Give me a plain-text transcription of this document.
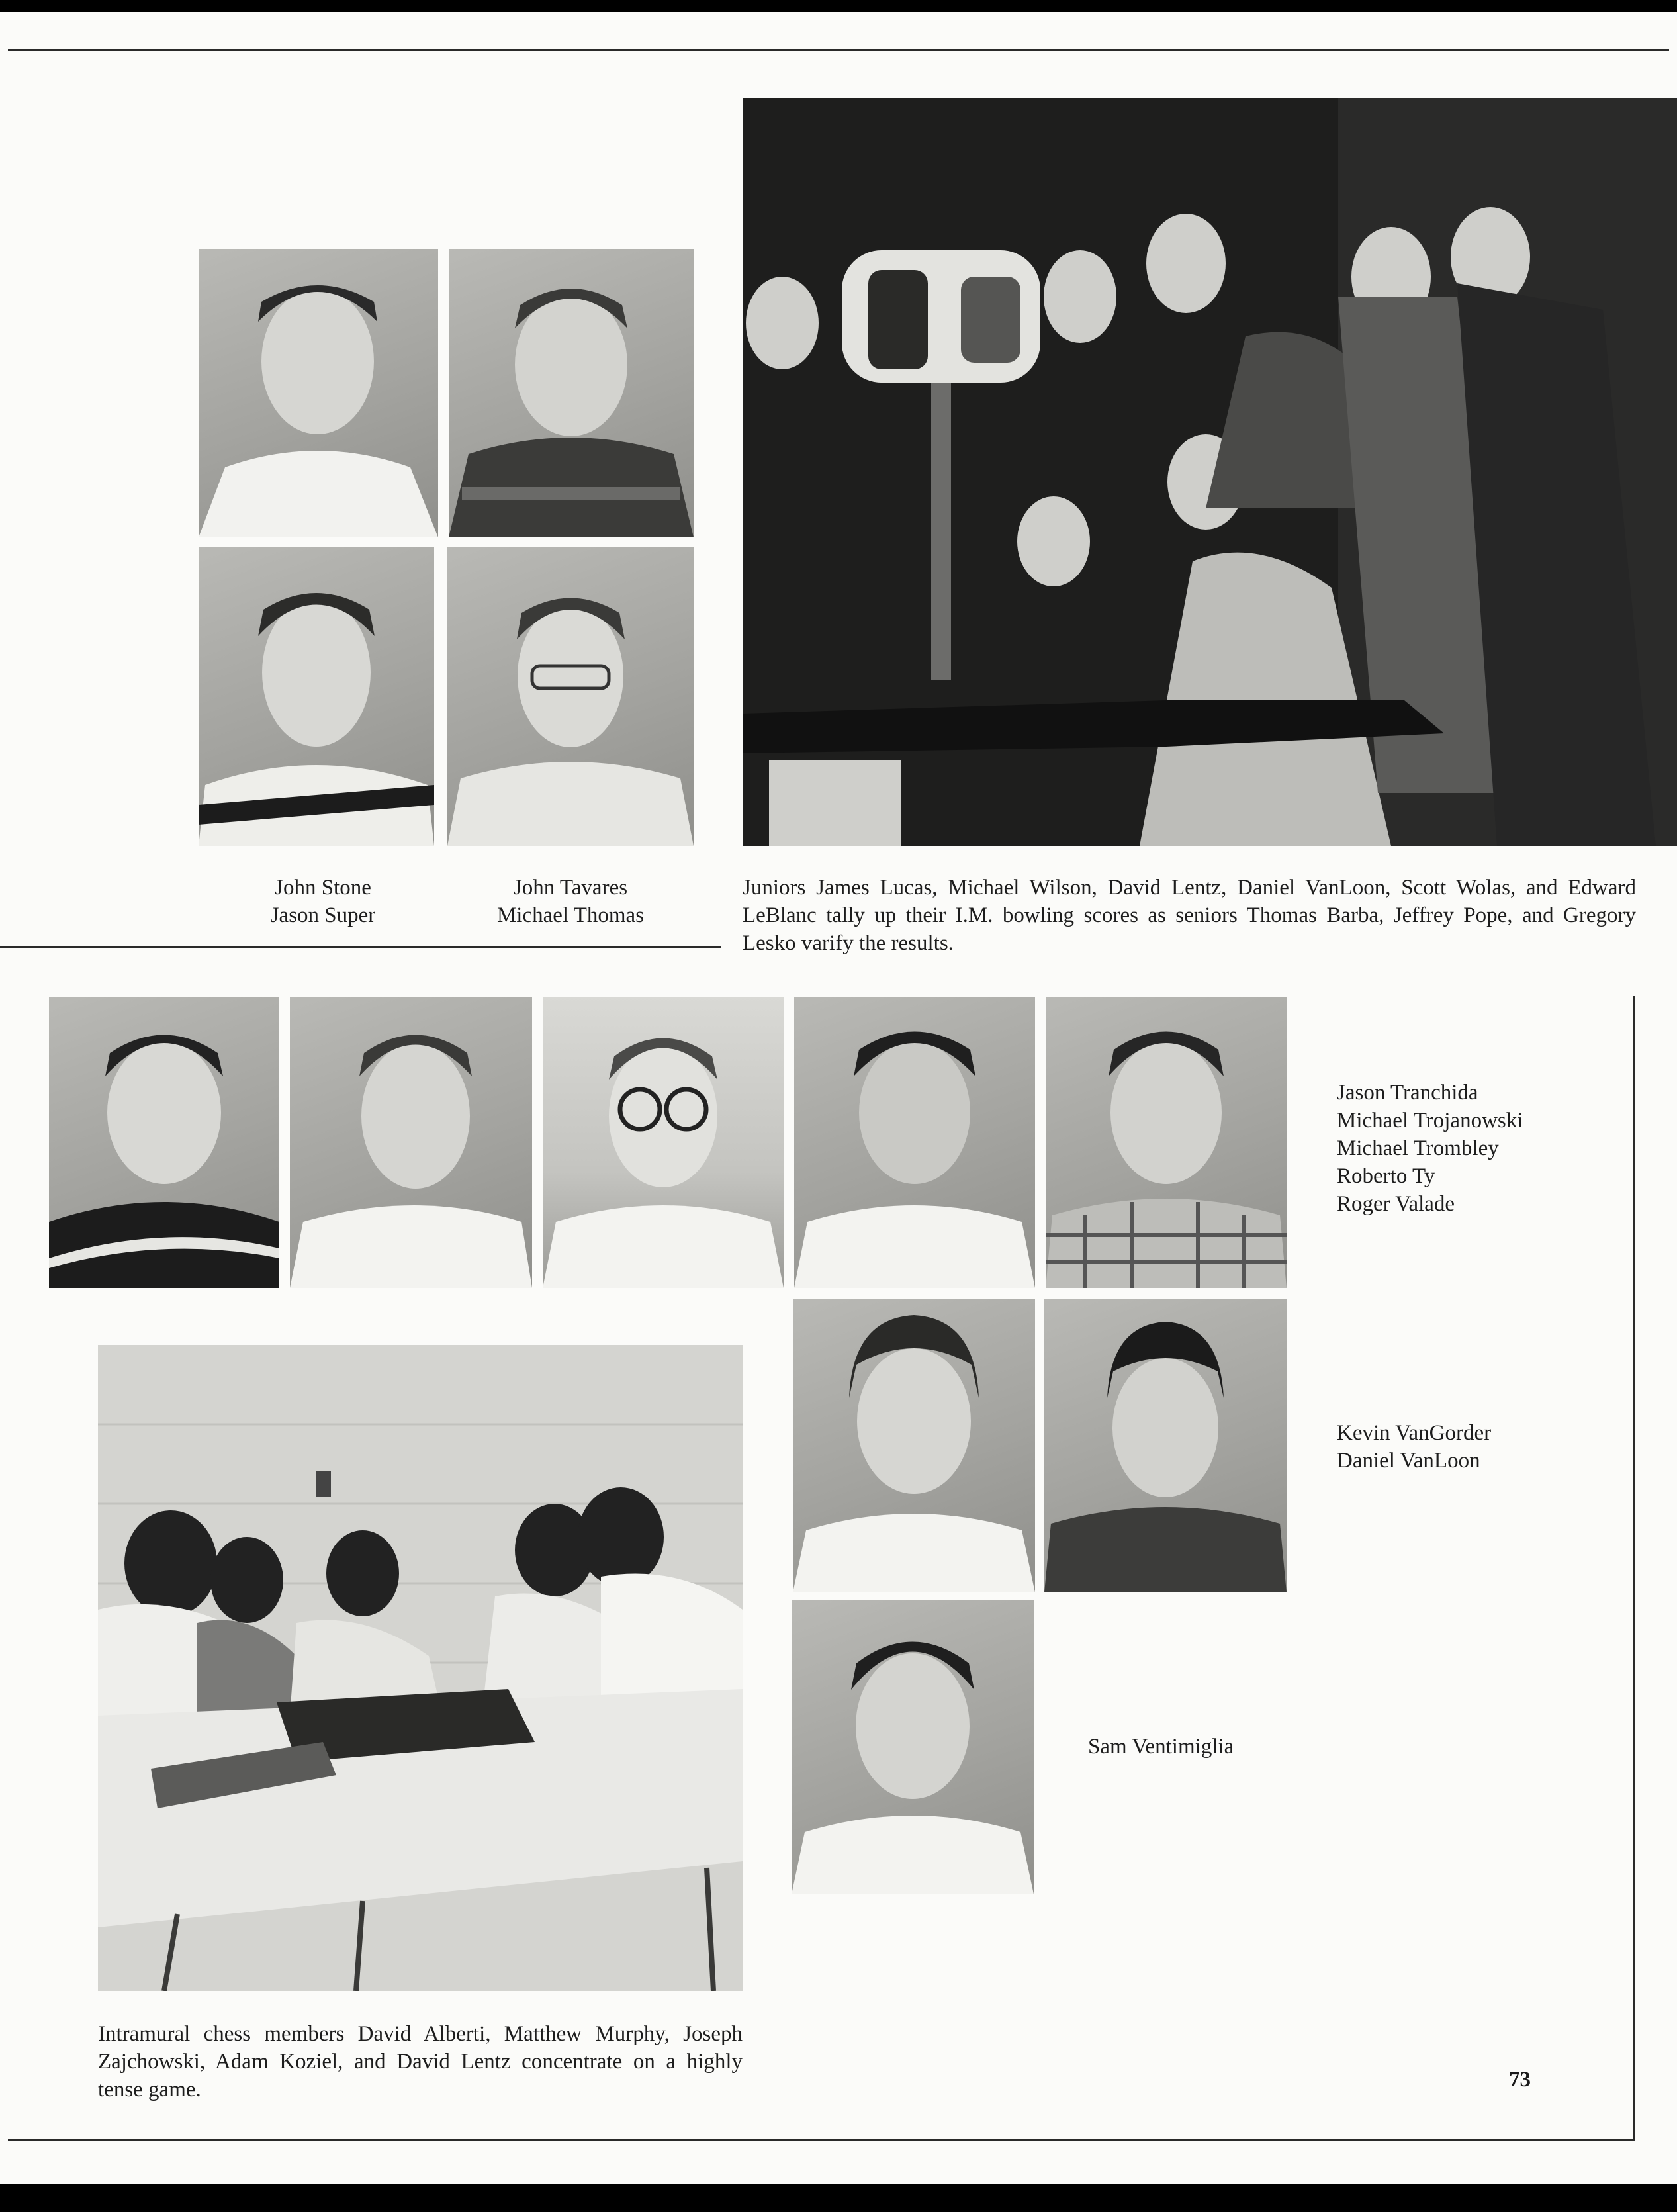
John Stone
Jason Super
John Tavares
Michael Thomas
Juniors James Lucas, Michael Wilson, David Lentz, Daniel VanLoon, Scott Wolas, and Edward LeBlanc tally up their I.M. bowling scores as seniors Thomas Barba, Jeffrey Pope, and Gregory Lesko varify the results.
Jason Tranchida
Michael Trojanowski
Michael Trombley
Roberto Ty
Roger Valade
Kevin VanGorder
Daniel VanLoon
Sam Ventimiglia
Intramural chess members David Alberti, Matthew Murphy, Joseph Zajchowski, Adam Koziel, and David Lentz concentrate on a highly tense game.	73
